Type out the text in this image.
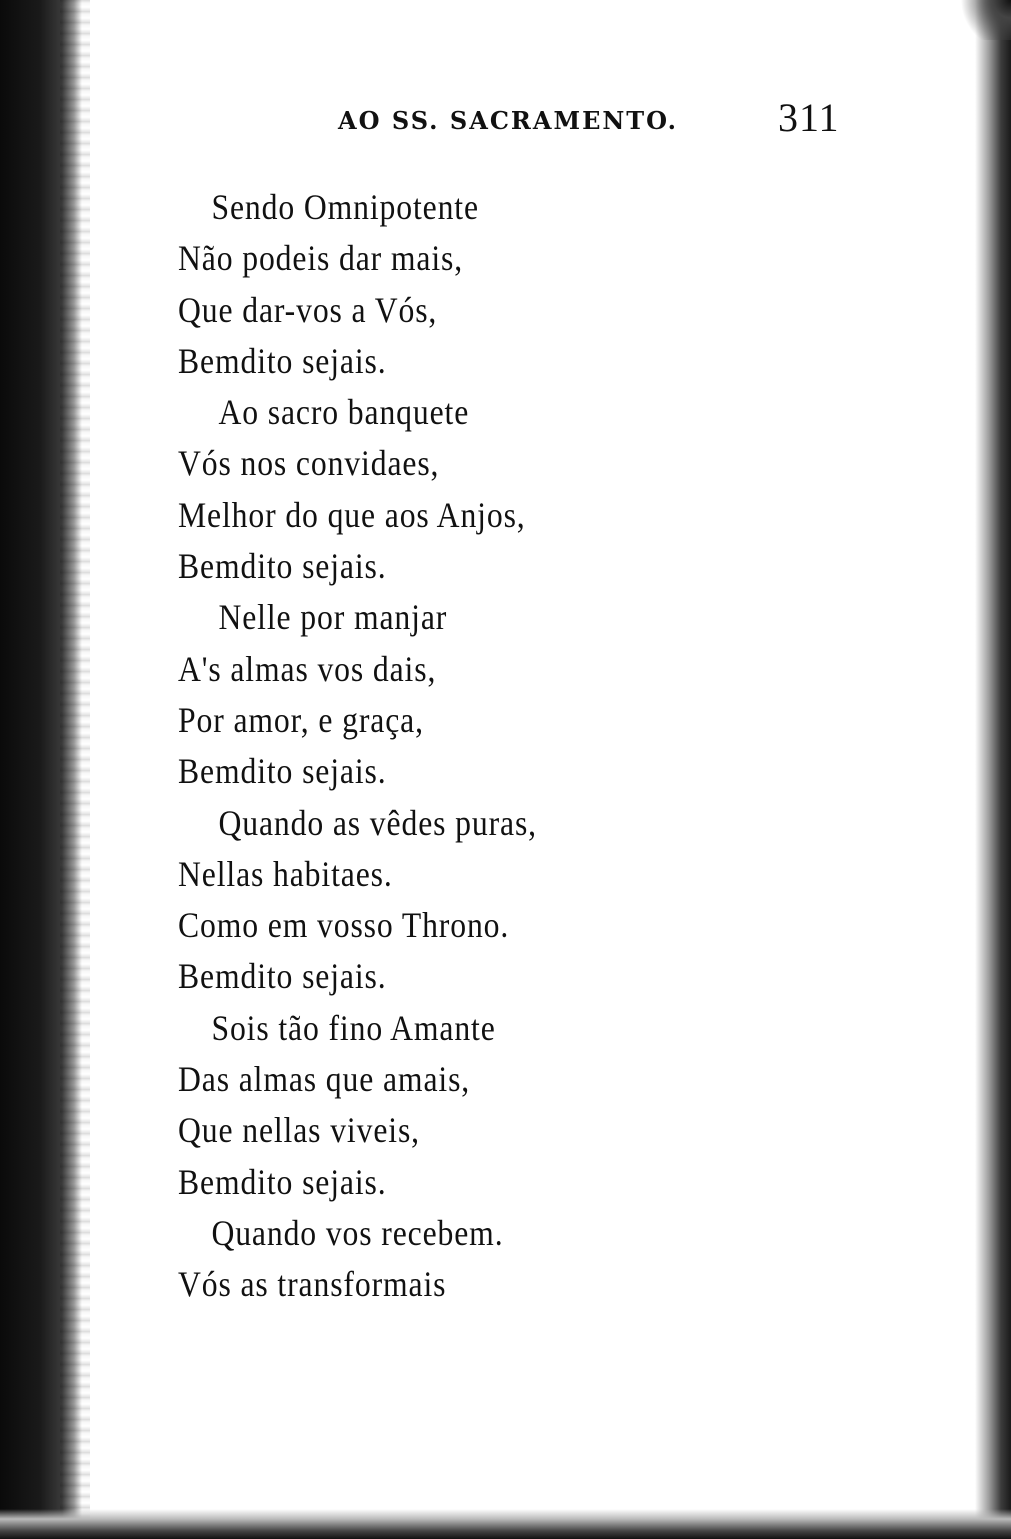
AO SS. SACRAMENTO. 311
Sendo Omnipotente
Não podeis dar mais,
Que dar-vos a Vós,
Bemdito sejais.
Ao sacro banquete
Vós nos convidaes,
Melhor do que aos Anjos,
Bemdito sejais.
Nelle por manjar
A's almas vos dais,
Por amor, e graça,
Bemdito sejais.
Quando as vêdes puras,
Nellas habitaes.
Como em vosso Throno.
Bemdito sejais.
Sois tão fino Amante
Das almas que amais,
Que nellas viveis,
Bemdito sejais.
Quando vos recebem.
Vós as transformais
